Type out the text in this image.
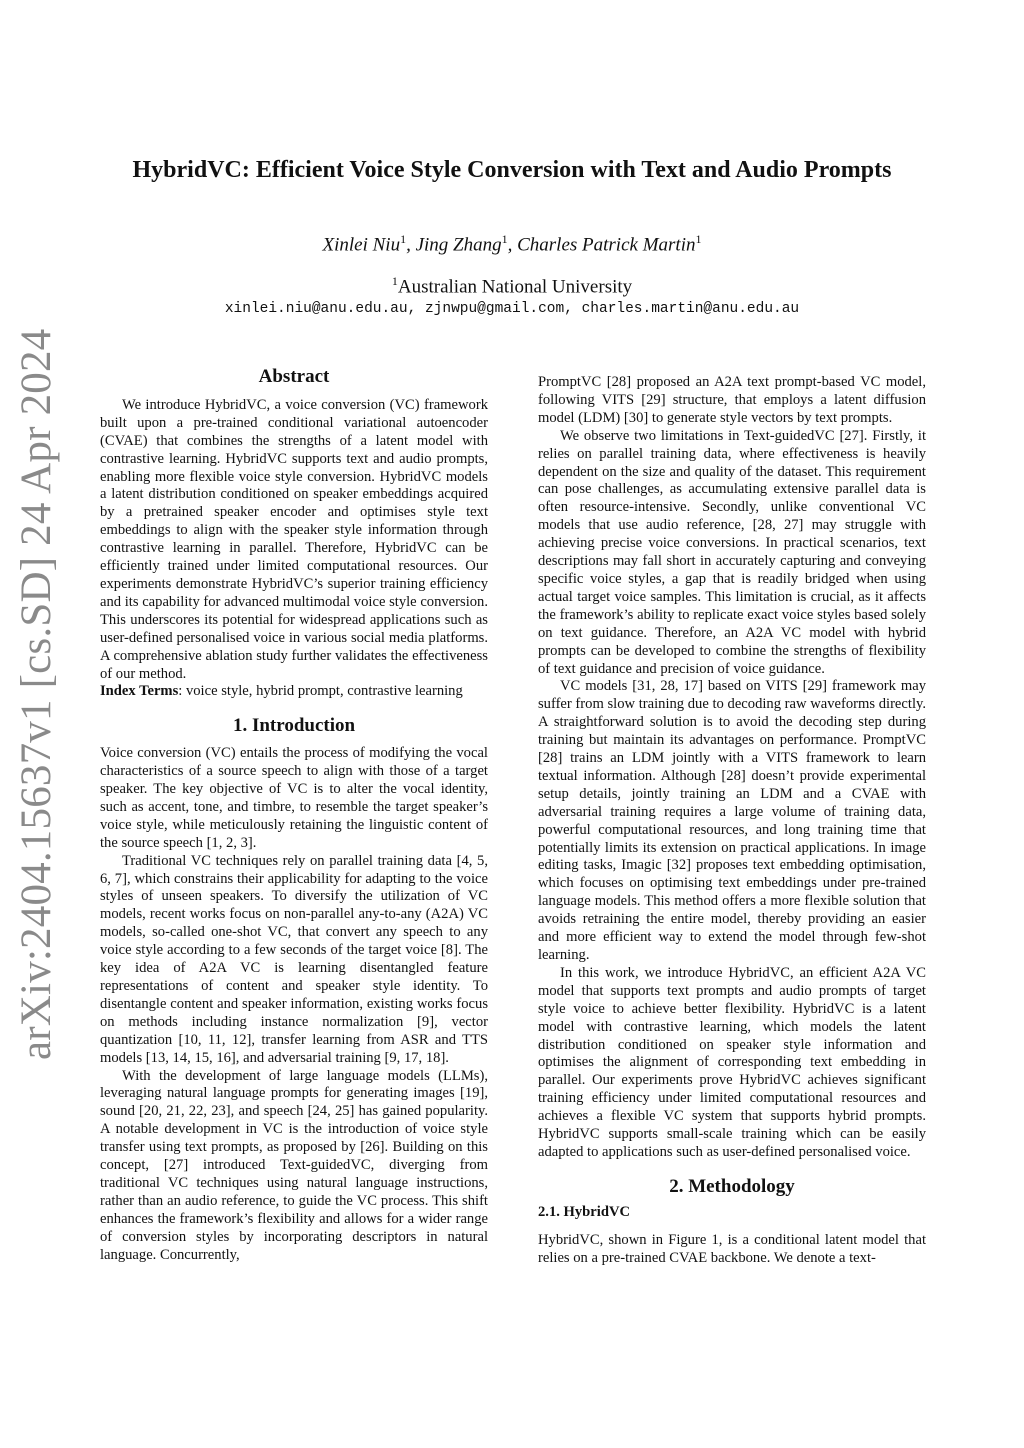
arXiv:2404.15637v1 [cs.SD] 24 Apr 2024
HybridVC: Efficient Voice Style Conversion with Text and Audio Prompts
Xinlei Niu$^1$, Jing Zhang$^1$, Charles Patrick Martin$^1$
$^1$Australian National University
xinlei.niu@anu.edu.au, zjnwpu@gmail.com, charles.martin@anu.edu.au
Abstract

We introduce HybridVC, a voice conversion (VC) framework built upon a pre-trained conditional variational autoencoder (CVAE) that combines the strengths of a latent model with contrastive learning. HybridVC supports text and audio prompts, enabling more flexible voice style conversion. HybridVC models a latent distribution conditioned on speaker embeddings acquired by a pretrained speaker encoder and optimises style text embeddings to align with the speaker style information through contrastive learning in parallel. Therefore, HybridVC can be efficiently trained under limited computational resources. Our experiments demonstrate HybridVC’s superior training efficiency and its capability for advanced multimodal voice style conversion. This underscores its potential for widespread applications such as user-defined personalised voice in various social media platforms. A comprehensive ablation study further validates the effectiveness of our method.

Index Terms: voice style, hybrid prompt, contrastive learning

1. Introduction

Voice conversion (VC) entails the process of modifying the vocal characteristics of a source speech to align with those of a target speaker. The key objective of VC is to alter the vocal identity, such as accent, tone, and timbre, to resemble the target speaker’s voice style, while meticulously retaining the linguistic content of the source speech [1, 2, 3].

Traditional VC techniques rely on parallel training data [4, 5, 6, 7], which constrains their applicability for adapting to the voice styles of unseen speakers. To diversify the utilization of VC models, recent works focus on non-parallel any-to-any (A2A) VC models, so-called one-shot VC, that convert any speech to any voice style according to a few seconds of the target voice [8]. The key idea of A2A VC is learning disentangled feature representations of content and speaker style identity. To disentangle content and speaker information, existing works focus on methods including instance normalization [9], vector quantization [10, 11, 12], transfer learning from ASR and TTS models [13, 14, 15, 16], and adversarial training [9, 17, 18].

With the development of large language models (LLMs), leveraging natural language prompts for generating images [19], sound [20, 21, 22, 23], and speech [24, 25] has gained popularity. A notable development in VC is the introduction of voice style transfer using text prompts, as proposed by [26]. Building on this concept, [27] introduced Text-guidedVC, diverging from traditional VC techniques using natural language instructions, rather than an audio reference, to guide the VC process. This shift enhances the framework’s flexibility and allows for a wider range of conversion styles by incorporating descriptors in natural language. Concurrently,

PromptVC [28] proposed an A2A text prompt-based VC model, following VITS [29] structure, that employs a latent diffusion model (LDM) [30] to generate style vectors by text prompts.

We observe two limitations in Text-guidedVC [27]. Firstly, it relies on parallel training data, where effectiveness is heavily dependent on the size and quality of the dataset. This requirement can pose challenges, as accumulating extensive parallel data is often resource-intensive. Secondly, unlike conventional VC models that use audio reference, [28, 27] may struggle with achieving precise voice conversions. In practical scenarios, text descriptions may fall short in accurately capturing and conveying specific voice styles, a gap that is readily bridged when using actual target voice samples. This limitation is crucial, as it affects the framework’s ability to replicate exact voice styles based solely on text guidance. Therefore, an A2A VC model with hybrid prompts can be developed to combine the strengths of flexibility of text guidance and precision of voice guidance.

VC models [31, 28, 17] based on VITS [29] framework may suffer from slow training due to decoding raw waveforms directly. A straightforward solution is to avoid the decoding step during training but maintain its advantages on performance. PromptVC [28] trains an LDM jointly with a VITS framework to learn textual information. Although [28] doesn’t provide experimental setup details, jointly training an LDM and a CVAE with adversarial training requires a large volume of training data, powerful computational resources, and long training time that potentially limits its extension on practical applications. In image editing tasks, Imagic [32] proposes text embedding optimisation, which focuses on optimising text embeddings under pre-trained language models. This method offers a more flexible solution that avoids retraining the entire model, thereby providing an easier and more efficient way to extend the model through few-shot learning.

In this work, we introduce HybridVC, an efficient A2A VC model that supports text prompts and audio prompts of target style voice to achieve better flexibility. HybridVC is a latent model with contrastive learning, which models the latent distribution conditioned on speaker style information and optimises the alignment of corresponding text embedding in parallel. Our experiments prove HybridVC achieves significant training efficiency under limited computational resources and achieves a flexible VC system that supports hybrid prompts. HybridVC supports small-scale training which can be easily adapted to applications such as user-defined personalised voice.

2. Methodology
2.1. HybridVC

HybridVC, shown in Figure 1, is a conditional latent model that relies on a pre-trained CVAE backbone. We denote a text-
